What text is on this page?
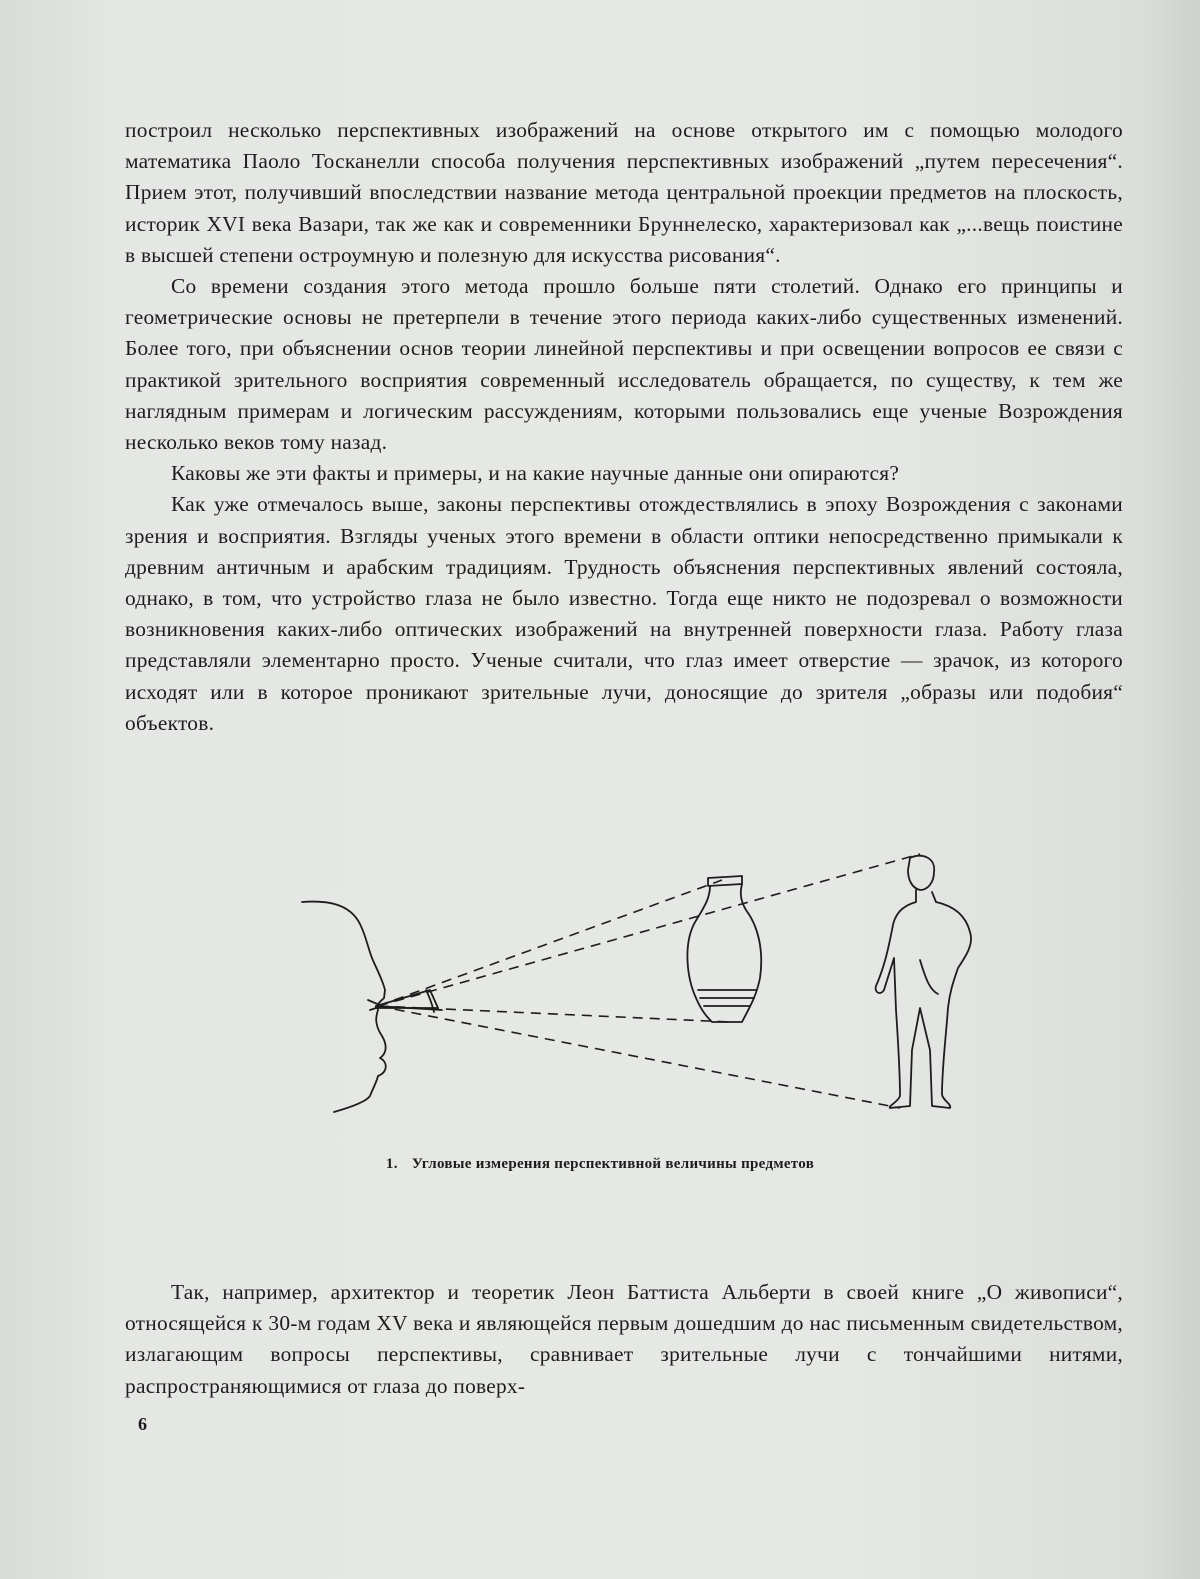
построил несколько перспективных изображений на основе открытого им с помощью молодого математика Паоло Тосканелли способа получения перспективных изображений „путем пересечения“. Прием этот, получивший впоследствии название метода центральной проекции предметов на плоскость, историк XVI века Вазари, так же как и современники Бруннелеско, характеризовал как „...вещь поистине в высшей степени остроумную и полезную для искусства рисования“.

Со времени создания этого метода прошло больше пяти столетий. Однако его принципы и геометрические основы не претерпели в течение этого периода каких-либо существенных изменений. Более того, при объяснении основ теории линейной перспективы и при освещении вопросов ее связи с практикой зрительного восприятия современный исследователь обращается, по существу, к тем же наглядным примерам и логическим рассуждениям, которыми пользовались еще ученые Возрождения несколько веков тому назад.

Каковы же эти факты и примеры, и на какие научные данные они опираются?

Как уже отмечалось выше, законы перспективы отождествлялись в эпоху Возрождения с законами зрения и восприятия. Взгляды ученых этого времени в области оптики непосредственно примыкали к древним античным и арабским традициям. Трудность объяснения перспективных явлений состояла, однако, в том, что устройство глаза не было известно. Тогда еще никто не подозревал о возможности возникновения каких-либо оптических изображений на внутренней поверхности глаза. Работу глаза представляли элементарно просто. Ученые считали, что глаз имеет отверстие — зрачок, из которого исходят или в которое проникают зрительные лучи, доносящие до зрителя „образы или подобия“ объектов.

1. Угловые измерения перспективной величины предметов

Так, например, архитектор и теоретик Леон Баттиста Альберти в своей книге „О живописи“, относящейся к 30-м годам XV века и являющейся первым дошедшим до нас письменным свидетельством, излагающим вопросы перспективы, сравнивает зрительные лучи с тончайшими нитями, распространяющимися от глаза до поверх-

6
